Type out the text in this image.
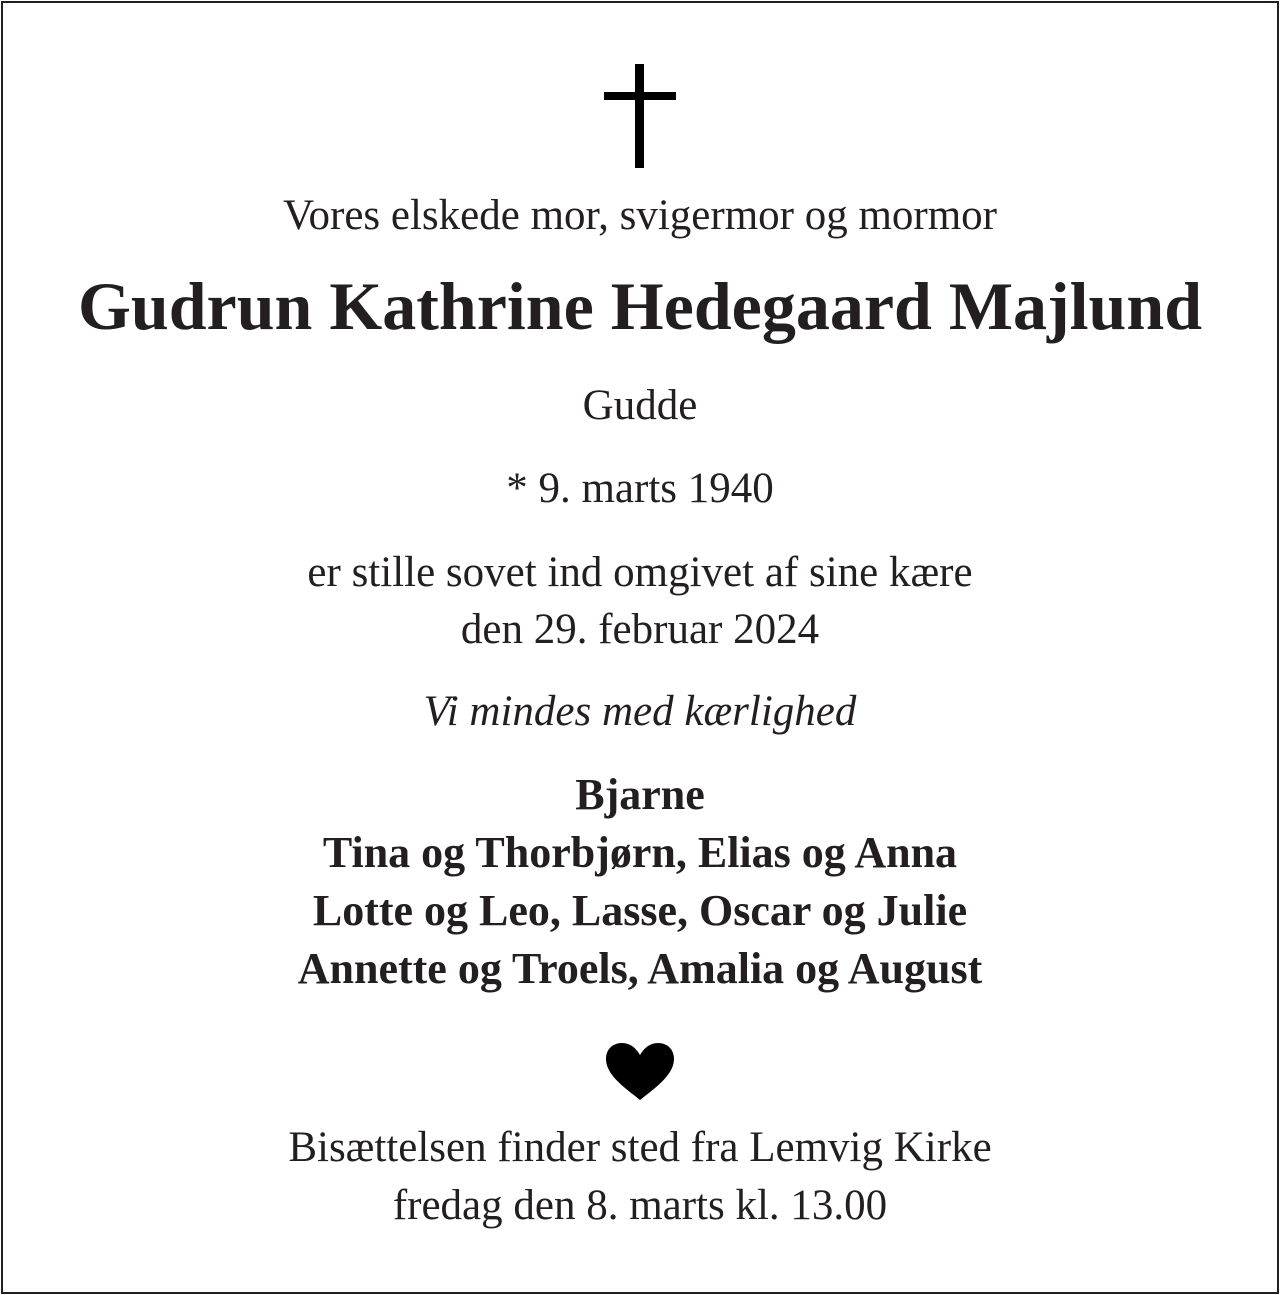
Vores elskede mor, svigermor og mormor
Gudrun Kathrine Hedegaard Majlund
Gudde
* 9. marts 1940
er stille sovet ind omgivet af sine kære
den 29. februar 2024
Vi mindes med kærlighed
Bjarne
Tina og Thorbjørn, Elias og Anna
Lotte og Leo, Lasse, Oscar og Julie
Annette og Troels, Amalia og August
Bisættelsen finder sted fra Lemvig Kirke
fredag den 8. marts kl. 13.00
